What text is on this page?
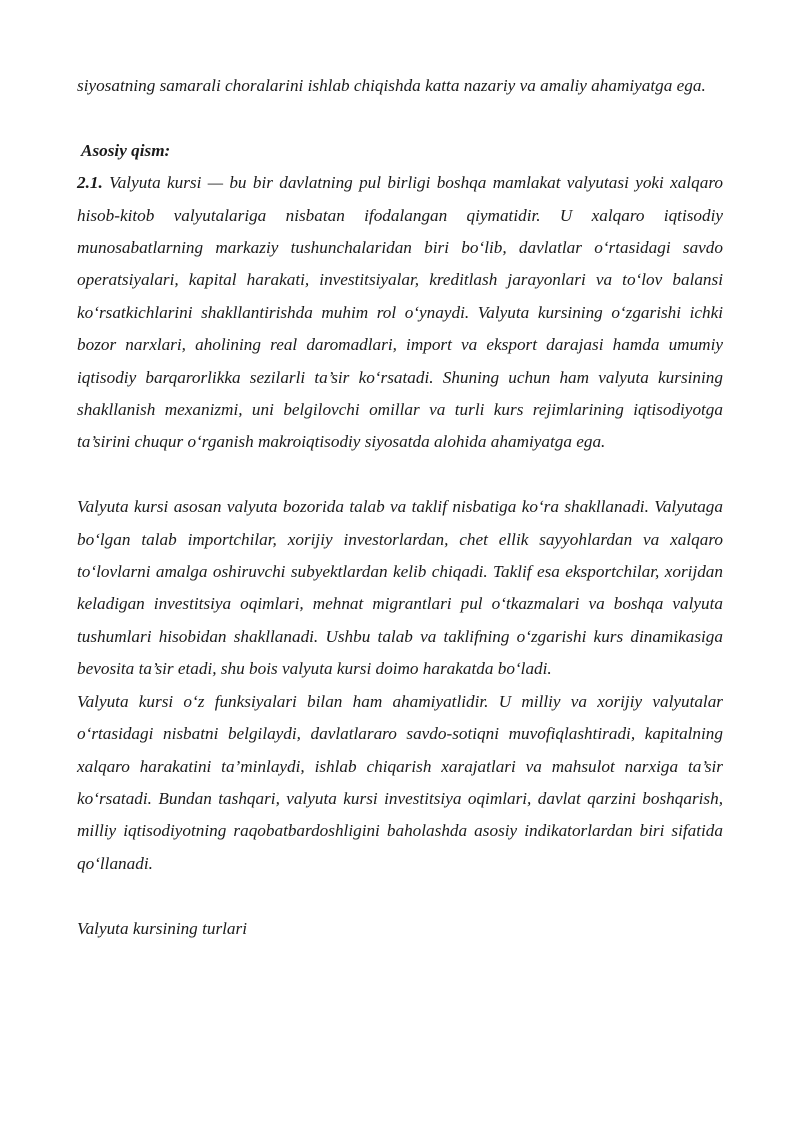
siyosatning samarali choralarini ishlab chiqishda katta nazariy va amaliy ahamiyatga ega.

Asosiy qism:

2.1. Valyuta kursi — bu bir davlatning pul birligi boshqa mamlakat valyutasi yoki xalqaro hisob-kitob valyutalariga nisbatan ifodalangan qiymatidir. U xalqaro iqtisodiy munosabatlarning markaziy tushunchalaridan biri bo‘lib, davlatlar o‘rtasidagi savdo operatsiyalari, kapital harakati, investitsiyalar, kreditlash jarayonlari va to‘lov balansi ko‘rsatkichlarini shakllantirishda muhim rol o‘ynaydi. Valyuta kursining o‘zgarishi ichki bozor narxlari, aholining real daromadlari, import va eksport darajasi hamda umumiy iqtisodiy barqarorlikka sezilarli ta’sir ko‘rsatadi. Shuning uchun ham valyuta kursining shakllanish mexanizmi, uni belgilovchi omillar va turli kurs rejimlarining iqtisodiyotga ta’sirini chuqur o‘rganish makroiqtisodiy siyosatda alohida ahamiyatga ega.

Valyuta kursi asosan valyuta bozorida talab va taklif nisbatiga ko‘ra shakllanadi. Valyutaga bo‘lgan talab importchilar, xorijiy investorlardan, chet ellik sayyohlardan va xalqaro to‘lovlarni amalga oshiruvchi subyektlardan kelib chiqadi. Taklif esa eksportchilar, xorijdan keladigan investitsiya oqimlari, mehnat migrantlari pul o‘tkazmalari va boshqa valyuta tushumlari hisobidan shakllanadi. Ushbu talab va taklifning o‘zgarishi kurs dinamikasiga bevosita ta’sir etadi, shu bois valyuta kursi doimo harakatda bo‘ladi.

Valyuta kursi o‘z funksiyalari bilan ham ahamiyatlidir. U milliy va xorijiy valyutalar o‘rtasidagi nisbatni belgilaydi, davlatlararo savdo-sotiqni muvofiqlashtiradi, kapitalning xalqaro harakatini ta’minlaydi, ishlab chiqarish xarajatlari va mahsulot narxiga ta’sir ko‘rsatadi. Bundan tashqari, valyuta kursi investitsiya oqimlari, davlat qarzini boshqarish, milliy iqtisodiyotning raqobatbardoshligini baholashda asosiy indikatorlardan biri sifatida qo‘llanadi.

Valyuta kursining turlari
